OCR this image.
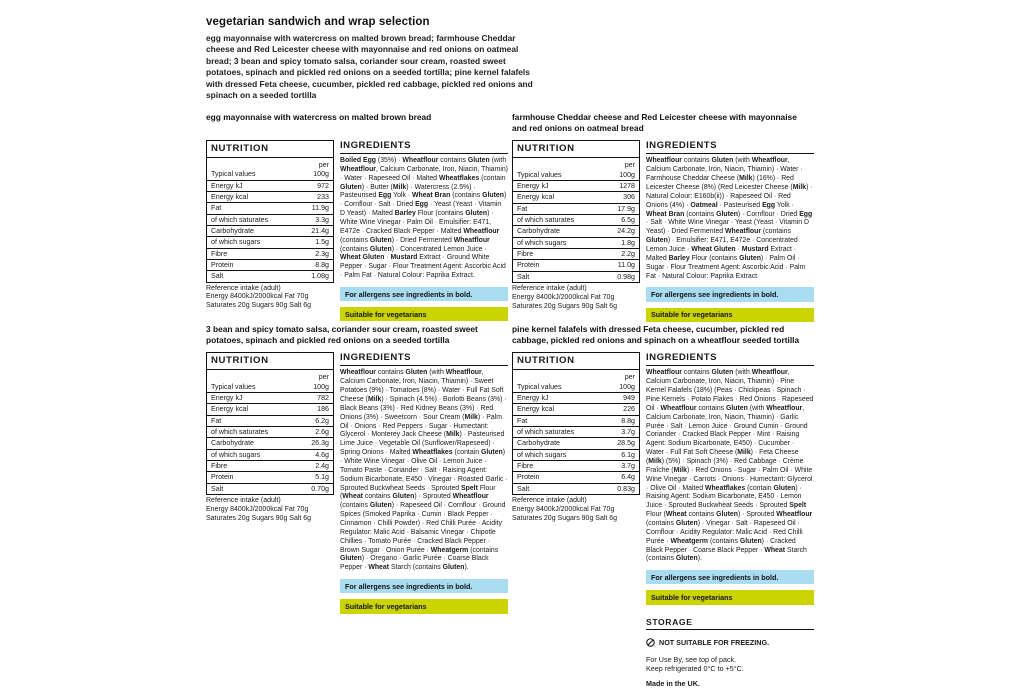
vegetarian sandwich and wrap selection
egg mayonnaise with watercress on malted brown bread; farmhouse Cheddar cheese and Red Leicester cheese with mayonnaise and red onions on oatmeal bread; 3 bean and spicy tomato salsa, coriander sour cream, roasted sweet potatoes, spinach and pickled red onions on a seeded tortilla; pine kernel falafels with dressed Feta cheese, cucumber, pickled red cabbage, pickled red onions and spinach on a seeded tortilla
egg mayonnaise with watercress on malted brown bread
NUTRITION
	per
Typical values	100g
Energy kJ	972
Energy kcal	233
Fat	11.9g
of which saturates	3.3g
Carbohydrate	21.4g
of which sugars	1.5g
Fibre	2.3g
Protein	8.8g
Salt	1.08g
Reference intake (adult)
Energy 8400kJ/2000kcal Fat 70g
Saturates 20g Sugars 90g Salt 6g
INGREDIENTS
Boiled Egg (35%) · Wheatflour contains Gluten (with Wheatflour, Calcium Carbonate, Iron, Niacin, Thiamin) · Water · Rapeseed Oil · Malted Wheatflakes (contain Gluten) · Butter (Milk) · Watercress (2.5%) · Pasteurised Egg Yolk · Wheat Bran (contains Gluten) · Cornflour · Salt · Dried Egg · Yeast (Yeast · Vitamin D Yeast) · Malted Barley Flour (contains Gluten) · White Wine Vinegar · Palm Oil · Emulsifier: E471, E472e · Cracked Black Pepper · Malted Wheatflour (contains Gluten) · Dried Fermented Wheatflour (contains Gluten) · Concentrated Lemon Juice · Wheat Gluten · Mustard Extract · Ground White Pepper · Sugar · Flour Treatment Agent: Ascorbic Acid · Palm Fat · Natural Colour: Paprika Extract.
For allergens see ingredients in bold.
Suitable for vegetarians
farmhouse Cheddar cheese and Red Leicester cheese with mayonnaise and red onions on oatmeal bread
NUTRITION
	per
Typical values	100g
Energy kJ	1278
Energy kcal	306
Fat	17.9g
of which saturates	6.5g
Carbohydrate	24.2g
of which sugars	1.8g
Fibre	2.2g
Protein	11.0g
Salt	0.98g
Reference intake (adult)
Energy 8400kJ/2000kcal Fat 70g
Saturates 20g Sugars 90g Salt 6g
INGREDIENTS
Wheatflour contains Gluten (with Wheatflour, Calcium Carbonate, Iron, Niacin, Thiamin) · Water · Farmhouse Cheddar Cheese (Milk) (16%) · Red Leicester Cheese (8%) (Red Leicester Cheese (Milk) · Natural Colour: E160b(ii)) · Rapeseed Oil · Red Onions (4%) · Oatmeal · Pasteurised Egg Yolk · Wheat Bran (contains Gluten) · Cornflour · Dried Egg · Salt · White Wine Vinegar · Yeast (Yeast · Vitamin D Yeast) · Dried Fermented Wheatflour (contains Gluten) · Emulsifier: E471, E472e · Concentrated Lemon Juice · Wheat Gluten · Mustard Extract · Malted Barley Flour (contains Gluten) · Palm Oil · Sugar · Flour Treatment Agent: Ascorbic Acid · Palm Fat · Natural Colour: Paprika Extract.
For allergens see ingredients in bold.
Suitable for vegetarians
3 bean and spicy tomato salsa, coriander sour cream, roasted sweet potatoes, spinach and pickled red onions on a seeded tortilla
NUTRITION
	per
Typical values	100g
Energy kJ	782
Energy kcal	186
Fat	6.2g
of which saturates	2.6g
Carbohydrate	26.3g
of which sugars	4.6g
Fibre	2.4g
Protein	5.1g
Salt	0.70g
Reference intake (adult)
Energy 8400kJ/2000kcal Fat 70g
Saturates 20g Sugars 90g Salt 6g
INGREDIENTS
Wheatflour contains Gluten (with Wheatflour, Calcium Carbonate, Iron, Niacin, Thiamin) · Sweet Potatoes (9%) · Tomatoes (8%) · Water · Full Fat Soft Cheese (Milk) · Spinach (4.5%) · Borlotti Beans (3%) · Black Beans (3%) · Red Kidney Beans (3%) · Red Onions (3%) · Sweetcorn · Sour Cream (Milk) · Palm Oil · Onions · Red Peppers · Sugar · Humectant: Glycerol · Monterey Jack Cheese (Milk) · Pasteurised Lime Juice · Vegetable Oil (Sunflower/Rapeseed) · Spring Onions · Malted Wheatflakes (contain Gluten) · White Wine Vinegar · Olive Oil · Lemon Juice · Tomato Paste · Coriander · Salt · Raising Agent: Sodium Bicarbonate, E450 · Vinegar · Roasted Garlic · Sprouted Buckwheat Seeds · Sprouted Spelt Flour (Wheat contains Gluten) · Sprouted Wheatflour (contains Gluten) · Rapeseed Oil · Cornflour · Ground Spices (Smoked Paprika · Cumin · Black Pepper · Cinnamon · Chilli Powder) · Red Chilli Purée · Acidity Regulator: Malic Acid · Balsamic Vinegar · Chipotle Chillies · Tomato Purée · Cracked Black Pepper · Brown Sugar · Onion Purée · Wheatgerm (contains Gluten) · Oregano · Garlic Purée · Coarse Black Pepper · Wheat Starch (contains Gluten).
For allergens see ingredients in bold.
Suitable for vegetarians
pine kernel falafels with dressed Feta cheese, cucumber, pickled red cabbage, pickled red onions and spinach on a wheatflour seeded tortilla
NUTRITION
	per
Typical values	100g
Energy kJ	949
Energy kcal	226
Fat	8.8g
of which saturates	3.7g
Carbohydrate	28.5g
of which sugars	6.1g
Fibre	3.7g
Protein	6.4g
Salt	0.83g
Reference intake (adult)
Energy 8400kJ/2000kcal Fat 70g
Saturates 20g Sugars 90g Salt 6g
INGREDIENTS
Wheatflour contains Gluten (with Wheatflour, Calcium Carbonate, Iron, Niacin, Thiamin) · Pine Kernel Falafels (18%) (Peas · Chickpeas · Spinach · Pine Kernels · Potato Flakes · Red Onions · Rapeseed Oil · Wheatflour contains Gluten (with Wheatflour, Calcium Carbonate, Iron, Niacin, Thiamin) · Garlic Purée · Salt · Lemon Juice · Ground Cumin · Ground Coriander · Cracked Black Pepper · Mint · Raising Agent: Sodium Bicarbonate, E450) · Cucumber · Water · Full Fat Soft Cheese (Milk) · Feta Cheese (Milk) (5%) · Spinach (3%) · Red Cabbage · Crème Fraîche (Milk) · Red Onions · Sugar · Palm Oil · White Wine Vinegar · Carrots · Onions · Humectant: Glycerol · Olive Oil · Malted Wheatflakes (contain Gluten) · Raising Agent: Sodium Bicarbonate, E450 · Lemon Juice · Sprouted Buckwheat Seeds · Sprouted Spelt Flour (Wheat contains Gluten) · Sprouted Wheatflour (contains Gluten) · Vinegar · Salt · Rapeseed Oil · Cornflour · Acidity Regulator: Malic Acid · Red Chilli Purée · Wheatgerm (contains Gluten) · Cracked Black Pepper · Coarse Black Pepper · Wheat Starch (contains Gluten).
For allergens see ingredients in bold.
Suitable for vegetarians
STORAGE
NOT SUITABLE FOR FREEZING.
For Use By, see top of pack.
Keep refrigerated 0°C to +5°C.
Made in the UK.
